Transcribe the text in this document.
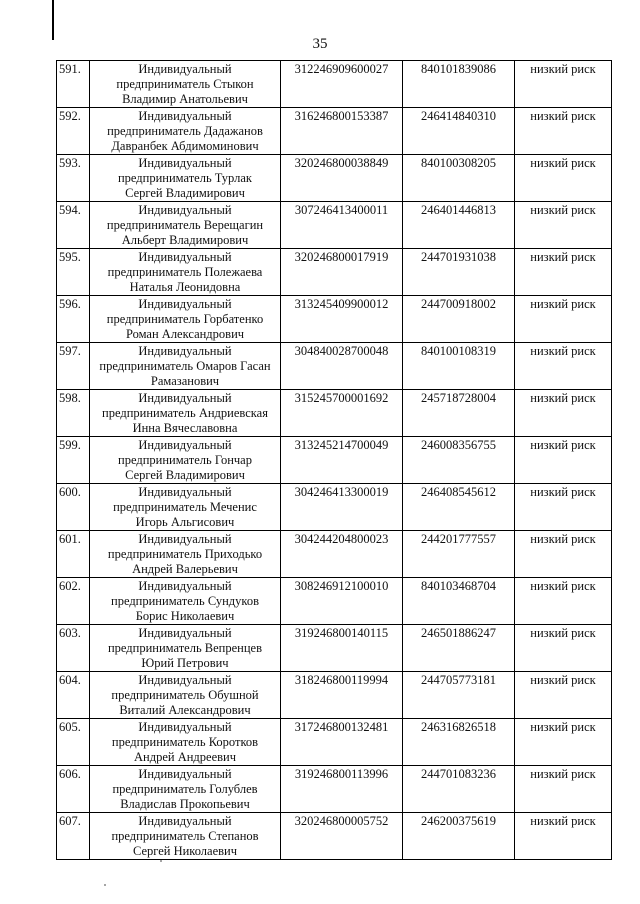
35
591.	Индивидуальный
предприниматель Стыкон
Владимир Анатольевич	312246909600027	840101839086	низкий риск

592.	Индивидуальный
предприниматель Дадажанов
Давранбек Абдимоминович	316246800153387	246414840310	низкий риск

593.	Индивидуальный
предприниматель Турлак
Сергей Владимирович	320246800038849	840100308205	низкий риск

594.	Индивидуальный
предприниматель Верещагин
Альберт Владимирович	307246413400011	246401446813	низкий риск

595.	Индивидуальный
предприниматель Полежаева
Наталья Леонидовна	320246800017919	244701931038	низкий риск

596.	Индивидуальный
предприниматель Горбатенко
Роман Александрович	313245409900012	244700918002	низкий риск

597.	Индивидуальный
предприниматель Омаров Гасан
Рамазанович	304840028700048	840100108319	низкий риск

598.	Индивидуальный
предприниматель Андриевская
Инна Вячеславовна	315245700001692	245718728004	низкий риск

599.	Индивидуальный
предприниматель Гончар
Сергей Владимирович	313245214700049	246008356755	низкий риск

600.	Индивидуальный
предприниматель Меченис
Игорь Альгисович	304246413300019	246408545612	низкий риск

601.	Индивидуальный
предприниматель Приходько
Андрей Валерьевич	304244204800023	244201777557	низкий риск

602.	Индивидуальный
предприниматель Сундуков
Борис Николаевич	308246912100010	840103468704	низкий риск

603.	Индивидуальный
предприниматель Вепренцев
Юрий Петрович	319246800140115	246501886247	низкий риск

604.	Индивидуальный
предприниматель Обушной
Виталий Александрович	318246800119994	244705773181	низкий риск

605.	Индивидуальный
предприниматель Коротков
Андрей Андреевич	317246800132481	246316826518	низкий риск

606.	Индивидуальный
предприниматель Голублев
Владислав Прокопьевич	319246800113996	244701083236	низкий риск

607.	Индивидуальный
предприниматель Степанов
Сергей Николаевич	320246800005752	246200375619	низкий риск
